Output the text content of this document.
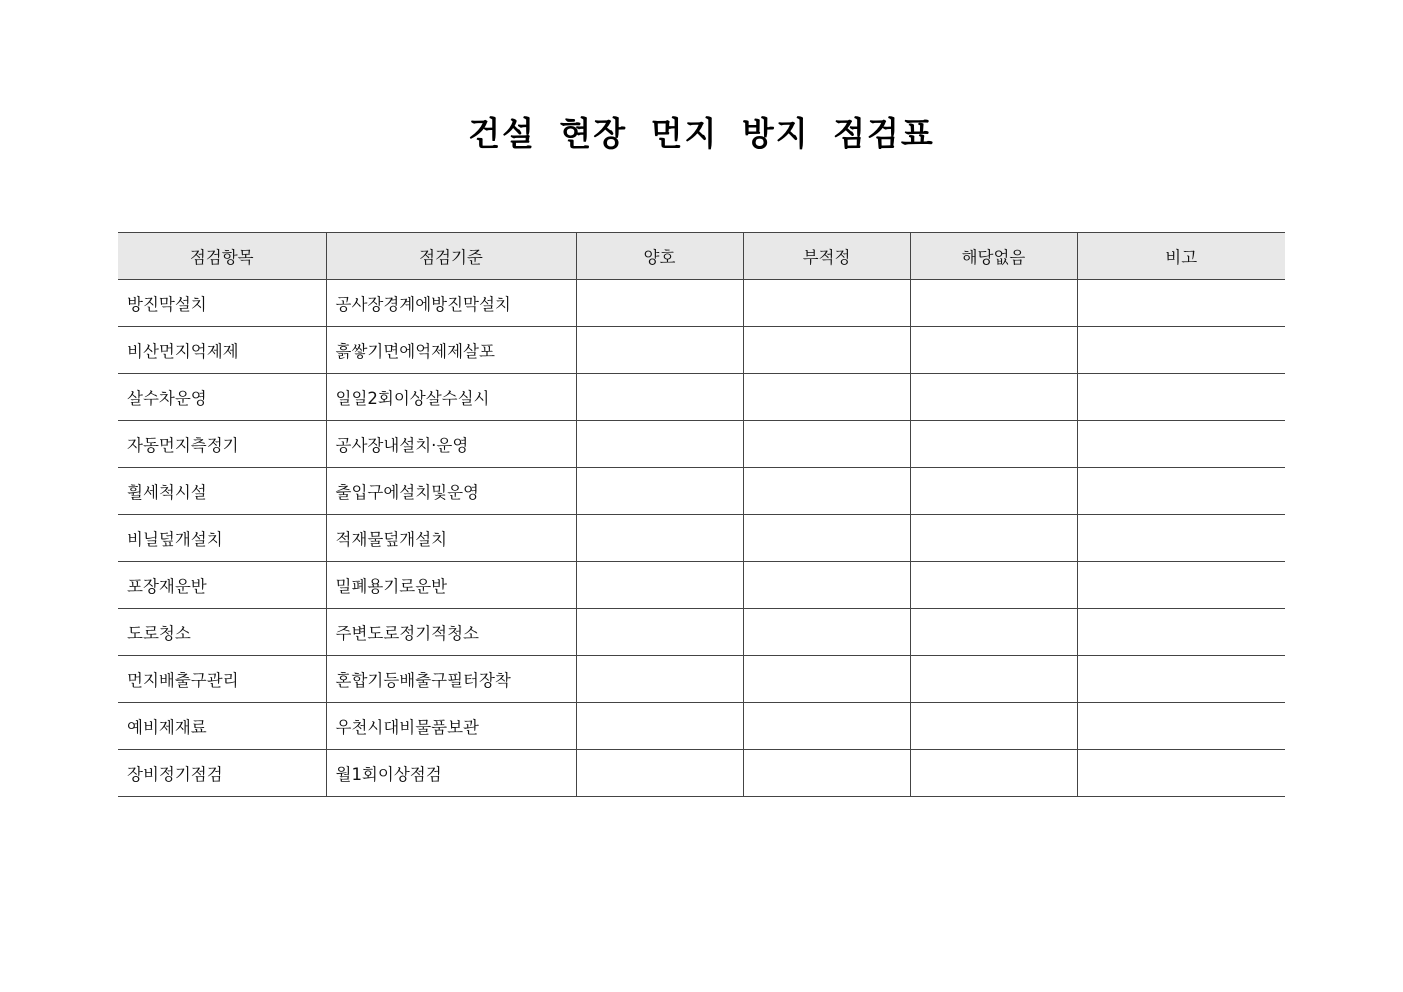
건설 현장 먼지 방지 점검표
점검항목	점검기준	양호	부적정	해당없음	비고
방진막설치	공사장경계에방진막설치				
비산먼지억제제	흙쌓기면에억제제살포				
살수차운영	일일2회이상살수실시				
자동먼지측정기	공사장내설치·운영				
휠세척시설	출입구에설치및운영				
비닐덮개설치	적재물덮개설치				
포장재운반	밀폐용기로운반				
도로청소	주변도로정기적청소				
먼지배출구관리	혼합기등배출구필터장착				
예비제재료	우천시대비물품보관				
장비정기점검	월1회이상점검				
